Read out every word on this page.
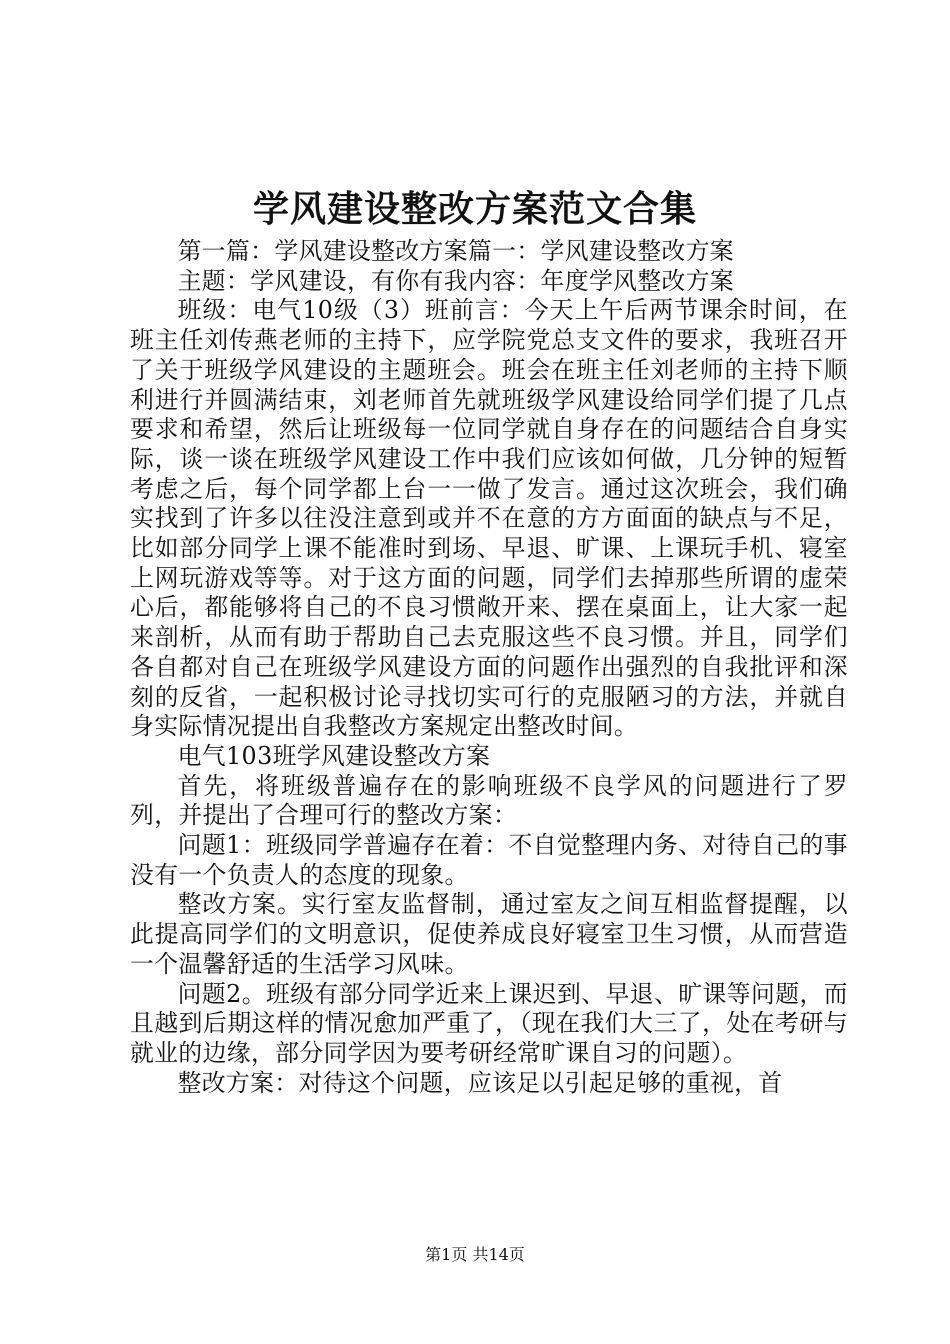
学风建设整改方案范文合集

第一篇：学风建设整改方案篇一：学风建设整改方案

主题：学风建设，有你有我内容：年度学风整改方案

班级：电气10级（3）班前言：今天上午后两节课余时间，在班主任刘传燕老师的主持下，应学院党总支文件的要求，我班召开了关于班级学风建设的主题班会。班会在班主任刘老师的主持下顺利进行并圆满结束，刘老师首先就班级学风建设给同学们提了几点要求和希望，然后让班级每一位同学就自身存在的问题结合自身实际，谈一谈在班级学风建设工作中我们应该如何做，几分钟的短暂考虑之后，每个同学都上台一一做了发言。通过这次班会，我们确实找到了许多以往没注意到或并不在意的方方面面的缺点与不足，比如部分同学上课不能准时到场、早退、旷课、上课玩手机、寝室上网玩游戏等等。对于这方面的问题，同学们去掉那些所谓的虚荣心后，都能够将自己的不良习惯敞开来、摆在桌面上，让大家一起来剖析，从而有助于帮助自己去克服这些不良习惯。并且，同学们各自都对自己在班级学风建设方面的问题作出强烈的自我批评和深刻的反省，一起积极讨论寻找切实可行的克服陋习的方法，并就自身实际情况提出自我整改方案规定出整改时间。

电气103班学风建设整改方案

首先，将班级普遍存在的影响班级不良学风的问题进行了罗列，并提出了合理可行的整改方案：

问题1：班级同学普遍存在着：不自觉整理内务、对待自己的事没有一个负责人的态度的现象。

整改方案。实行室友监督制，通过室友之间互相监督提醒，以此提高同学们的文明意识，促使养成良好寝室卫生习惯，从而营造一个温馨舒适的生活学习风味。

问题2。班级有部分同学近来上课迟到、早退、旷课等问题，而且越到后期这样的情况愈加严重了，（现在我们大三了，处在考研与就业的边缘，部分同学因为要考研经常旷课自习的问题）。

整改方案：对待这个问题，应该足以引起足够的重视，首

第1页 共14页
